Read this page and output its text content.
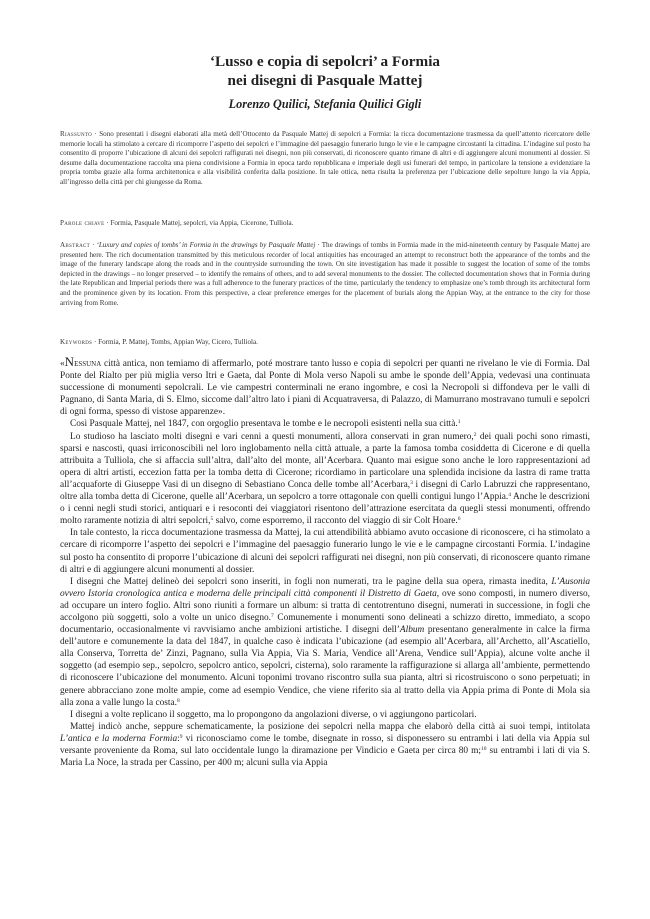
‘Lusso e copia di sepolcri’ a Formia
nei disegni di Pasquale Mattej
Lorenzo Quilici, Stefania Quilici Gigli
Riassunto · Sono presentati i disegni elaborati alla metà dell’Ottocento da Pasquale Mattej di sepolcri a Formia: la ricca documentazione trasmessa da quell’attento ricercatore delle memorie locali ha stimolato a cercare di ricomporre l’aspetto dei sepolcri e l’immagine del paesaggio funerario lungo le vie e le campagne circostanti la cittadina. L’indagine sul posto ha consentito di proporre l’ubicazione di alcuni dei sepolcri raffigurati nei disegni, non più conservati, di riconoscere quanto rimane di altri e di aggiungere alcuni monumenti al dossier. Si desume dalla documentazione raccolta una piena condivisione a Formia in epoca tardo repubblicana e imperiale degli usi funerari del tempo, in particolare la tensione a evidenziare la propria tomba grazie alla forma architettonica e alla visibilità conferita dalla posizione. In tale ottica, netta risulta la preferenza per l’ubicazione delle sepolture lungo la via Appia, all’ingresso della città per chi giungesse da Roma.
Parole chiave · Formia, Pasquale Mattej, sepolcri, via Appia, Cicerone, Tulliola.
Abstract · ‘Luxury and copies of tombs’ in Formia in the drawings by Pasquale Mattej · The drawings of tombs in Formia made in the mid-nineteenth century by Pasquale Mattej are presented here. The rich documentation transmitted by this meticulous recorder of local antiquities has encouraged an attempt to reconstruct both the appearance of the tombs and the image of the funerary landscape along the roads and in the countryside surrounding the town. On site investigation has made it possible to suggest the location of some of the tombs depicted in the drawings – no longer preserved – to identify the remains of others, and to add several monuments to the dossier. The collected documentation shows that in Formia during the late Republican and Imperial periods there was a full adherence to the funerary practices of the time, particularly the tendency to emphasize one’s tomb through its architectural form and the prominence given by its location. From this perspective, a clear preference emerges for the placement of burials along the Appian Way, at the entrance to the city for those arriving from Rome.
Keywords · Formia, P. Mattej, Tombs, Appian Way, Cicero, Tulliola.

«Nessuna città antica, non temiamo di affermarlo, poté mostrare tanto lusso e copia di sepolcri per quanti ne rivelano le vie di Formia. Dal Ponte del Rialto per più miglia verso Itri e Gaeta, dal Ponte di Mola verso Napoli su ambe le sponde dell’Appia, vedevasi una continuata successione di monumenti sepolcrali. Le vie campestri conterminali ne erano ingombre, e così la Necropoli si diffondeva per le valli di Pagnano, di Santa Maria, di S. Elmo, siccome dall’altro lato i piani di Acquatraversa, di Palazzo, di Mamurrano mostravano tumuli e sepolcri di ogni forma, spesso di vistose apparenze».

Così Pasquale Mattej, nel 1847, con orgoglio presentava le tombe e le necropoli esistenti nella sua città.$^1$

Lo studioso ha lasciato molti disegni e vari cenni a questi monumenti, allora conservati in gran numero,$^2$ dei quali pochi sono rimasti, sparsi e nascosti, quasi irriconoscibili nel loro inglobamento nella città attuale, a parte la famosa tomba cosiddetta di Cicerone e di quella attribuita a Tulliola, che si affaccia sull’altra, dall’alto del monte, all’Acerbara. Quanto mai esigue sono anche le loro rappresentazioni ad opera di altri artisti, eccezion fatta per la tomba detta di Cicerone; ricordiamo in particolare una splendida incisione da lastra di rame tratta all’acquaforte di Giuseppe Vasi di un disegno di Sebastiano Conca delle tombe all’Acerbara,$^3$ i disegni di Carlo Labruzzi che rappresentano, oltre alla tomba detta di Cicerone, quelle all’Acerbara, un sepolcro a torre ottagonale con quelli contigui lungo l’Appia.$^4$ Anche le descrizioni o i cenni negli studi storici, antiquari e i resoconti dei viaggiatori risentono dell’attrazione esercitata da quegli stessi monumenti, offrendo molto raramente notizia di altri sepolcri,$^5$ salvo, come esporremo, il racconto del viaggio di sir Colt Hoare.$^6$

In tale contesto, la ricca documentazione trasmessa da Mattej, la cui attendibilità abbiamo avuto occasione di riconoscere, ci ha stimolato a cercare di ricomporre l’aspetto dei sepolcri e l’immagine del paesaggio funerario lungo le vie e le campagne circostanti Formia. L’indagine sul posto ha consentito di proporre l’ubicazione di alcuni dei sepolcri raffigurati nei disegni, non più conservati, di riconoscere quanto rimane di altri e di aggiungere alcuni monumenti al dossier.

I disegni che Mattej delineò dei sepolcri sono inseriti, in fogli non numerati, tra le pagine della sua opera, rimasta inedita, L’Ausonia ovvero Istoria cronologica antica e moderna delle principali città componenti il Distretto di Gaeta, ove sono composti, in numero diverso, ad occupare un intero foglio. Altri sono riuniti a formare un album: si tratta di centotrentuno disegni, numerati in successione, in fogli che accolgono più soggetti, solo a volte un unico disegno.$^7$ Comunemente i monumenti sono delineati a schizzo diretto, immediato, a scopo documentario, occasionalmente vi ravvisiamo anche ambizioni artistiche. I disegni dell’Album presentano generalmente in calce la firma dell’autore e comunemente la data del 1847, in qualche caso è indicata l’ubicazione (ad esempio all’Acerbara, all’Archetto, all’Ascatiello, alla Conserva, Torretta de’ Zinzi, Pagnano, sulla Via Appia, Via S. Maria, Vendice all’Arena, Vendice sull’Appia), alcune volte anche il soggetto (ad esempio sep., sepolcro, sepolcro antico, sepolcri, cisterna), solo raramente la raffigurazione si allarga all’ambiente, permettendo di riconoscere l’ubicazione del monumento. Alcuni toponimi trovano riscontro sulla sua pianta, altri si ricostruiscono o sono perpetuati; in genere abbracciano zone molte ampie, come ad esempio Vendice, che viene riferito sia al tratto della via Appia prima di Ponte di Mola sia alla zona a valle lungo la costa.$^8$

I disegni a volte replicano il soggetto, ma lo propongono da angolazioni diverse, o vi aggiungono particolari.

Mattej indicò anche, seppure schematicamente, la posizione dei sepolcri nella mappa che elaborò della città ai suoi tempi, intitolata L’antica e la moderna Formia:$^9$ vi riconosciamo come le tombe, disegnate in rosso, si disponessero su entrambi i lati della via Appia sul versante proveniente da Roma, sul lato occidentale lungo la diramazione per Vindicio e Gaeta per circa 80 m;$^{10}$ su entrambi i lati di via S. Maria La Noce, la strada per Cassino, per 400 m; alcuni sulla via Appia
